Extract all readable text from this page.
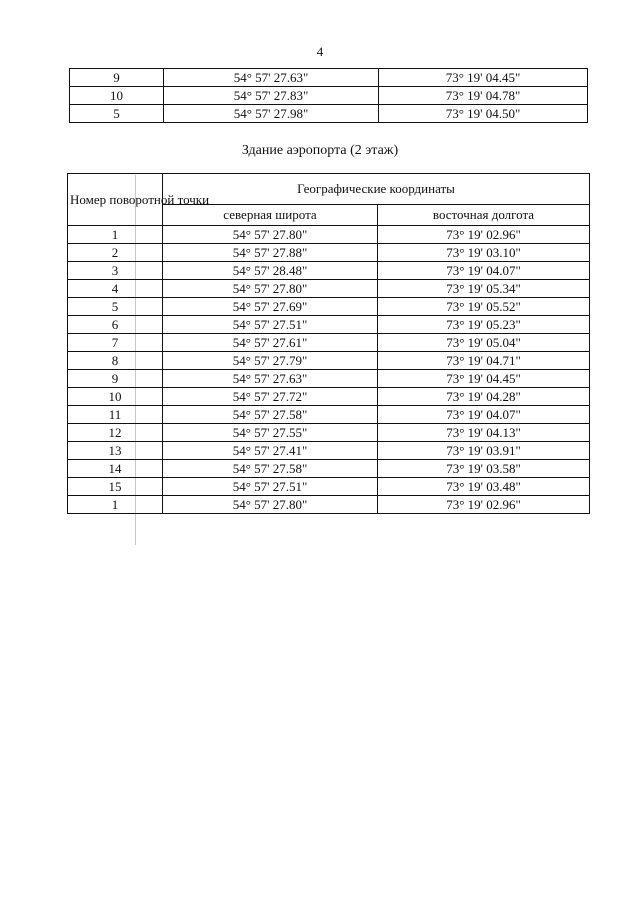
4
9	54° 57' 27.63"	73° 19' 04.45"
10	54° 57' 27.83"	73° 19' 04.78"
5	54° 57' 27.98"	73° 19' 04.50"
Здание аэропорта (2 этаж)
Номер поворотной точки	Географические координаты	
	северная широта	восточная долгота
1	54° 57' 27.80"	73° 19' 02.96"
2	54° 57' 27.88"	73° 19' 03.10"
3	54° 57' 28.48"	73° 19' 04.07"
4	54° 57' 27.80"	73° 19' 05.34"
5	54° 57' 27.69"	73° 19' 05.52"
6	54° 57' 27.51"	73° 19' 05.23"
7	54° 57' 27.61"	73° 19' 05.04"
8	54° 57' 27.79"	73° 19' 04.71"
9	54° 57' 27.63"	73° 19' 04.45"
10	54° 57' 27.72"	73° 19' 04.28"
11	54° 57' 27.58"	73° 19' 04.07"
12	54° 57' 27.55"	73° 19' 04.13"
13	54° 57' 27.41"	73° 19' 03.91"
14	54° 57' 27.58"	73° 19' 03.58"
15	54° 57' 27.51"	73° 19' 03.48"
1	54° 57' 27.80"	73° 19' 02.96"
